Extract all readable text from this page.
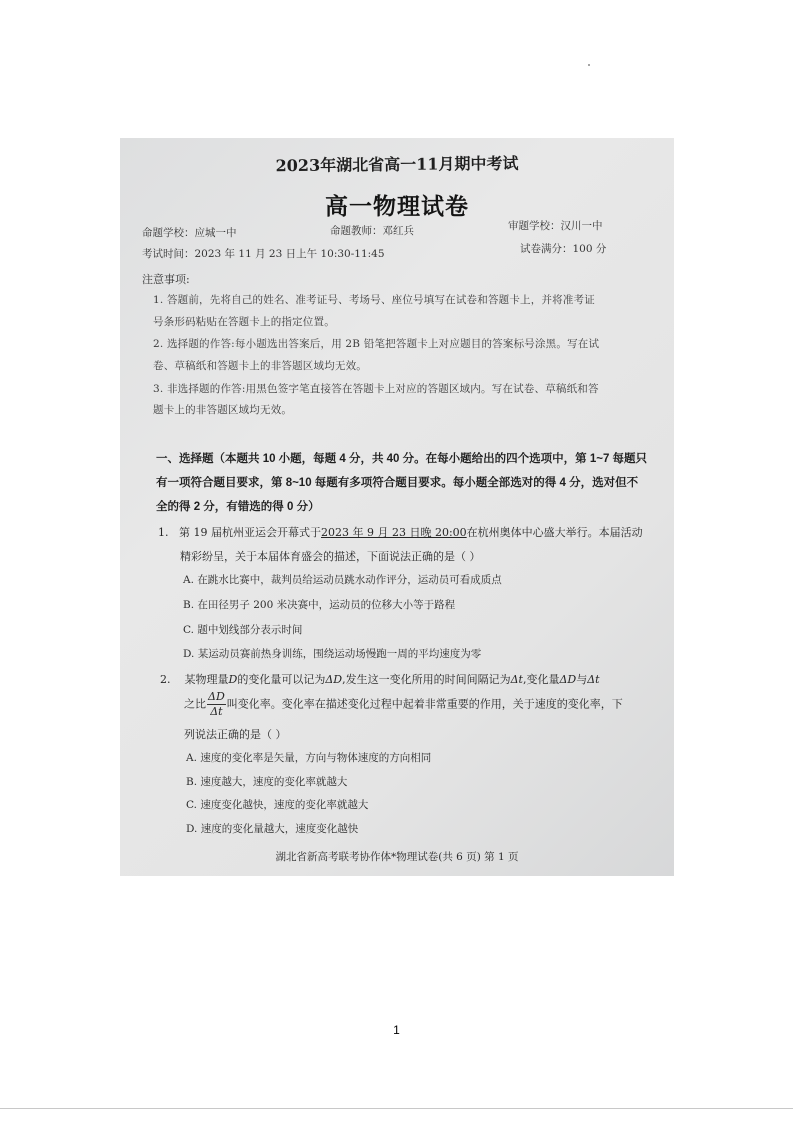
2023年湖北省高一11月期中考试
高一物理试卷
命题学校：应城一中	命题教师：邓红兵	审题学校：汉川一中
考试时间：2023 年 11 月 23 日上午 10:30-11:45	试卷满分：100 分
注意事项:
1. 答题前，先将自己的姓名、准考证号、考场号、座位号填写在试卷和答题卡上，并将准考证
号条形码粘贴在答题卡上的指定位置。
2. 选择题的作答:每小题选出答案后，用 2B 铅笔把答题卡上对应题目的答案标号涂黑。写在试
卷、草稿纸和答题卡上的非答题区域均无效。
3. 非选择题的作答:用黑色签字笔直接答在答题卡上对应的答题区域内。写在试卷、草稿纸和答
题卡上的非答题区域均无效。
一、选择题（本题共 10 小题，每题 4 分，共 40 分。在每小题给出的四个选项中，第 1~7 每题只
有一项符合题目要求，第 8~10 每题有多项符合题目要求。每小题全部选对的得 4 分，选对但不
全的得 2 分，有错选的得 0 分）
1. 第 19 届杭州亚运会开幕式于2023 年 9 月 23 日晚 20:00在杭州奥体中心盛大举行。本届活动
精彩纷呈，关于本届体育盛会的描述，下面说法正确的是（ ）
A. 在跳水比赛中，裁判员给运动员跳水动作评分，运动员可看成质点
B. 在田径男子 200 米决赛中，运动员的位移大小等于路程
C. 题中划线部分表示时间
D. 某运动员赛前热身训练，围绕运动场慢跑一周的平均速度为零
2. 某物理量D的变化量可以记为ΔD,发生这一变化所用的时间间隔记为Δt,变化量ΔD与Δt
之比 $\frac{\Delta D}{\Delta t}$ 叫变化率。变化率在描述变化过程中起着非常重要的作用，关于速度的变化率，下
列说法正确的是（ ）
A. 速度的变化率是矢量，方向与物体速度的方向相同
B. 速度越大，速度的变化率就越大
C. 速度变化越快，速度的变化率就越大
D. 速度的变化量越大，速度变化越快
湖北省新高考联考协作体*物理试卷(共 6 页) 第 1 页
1
